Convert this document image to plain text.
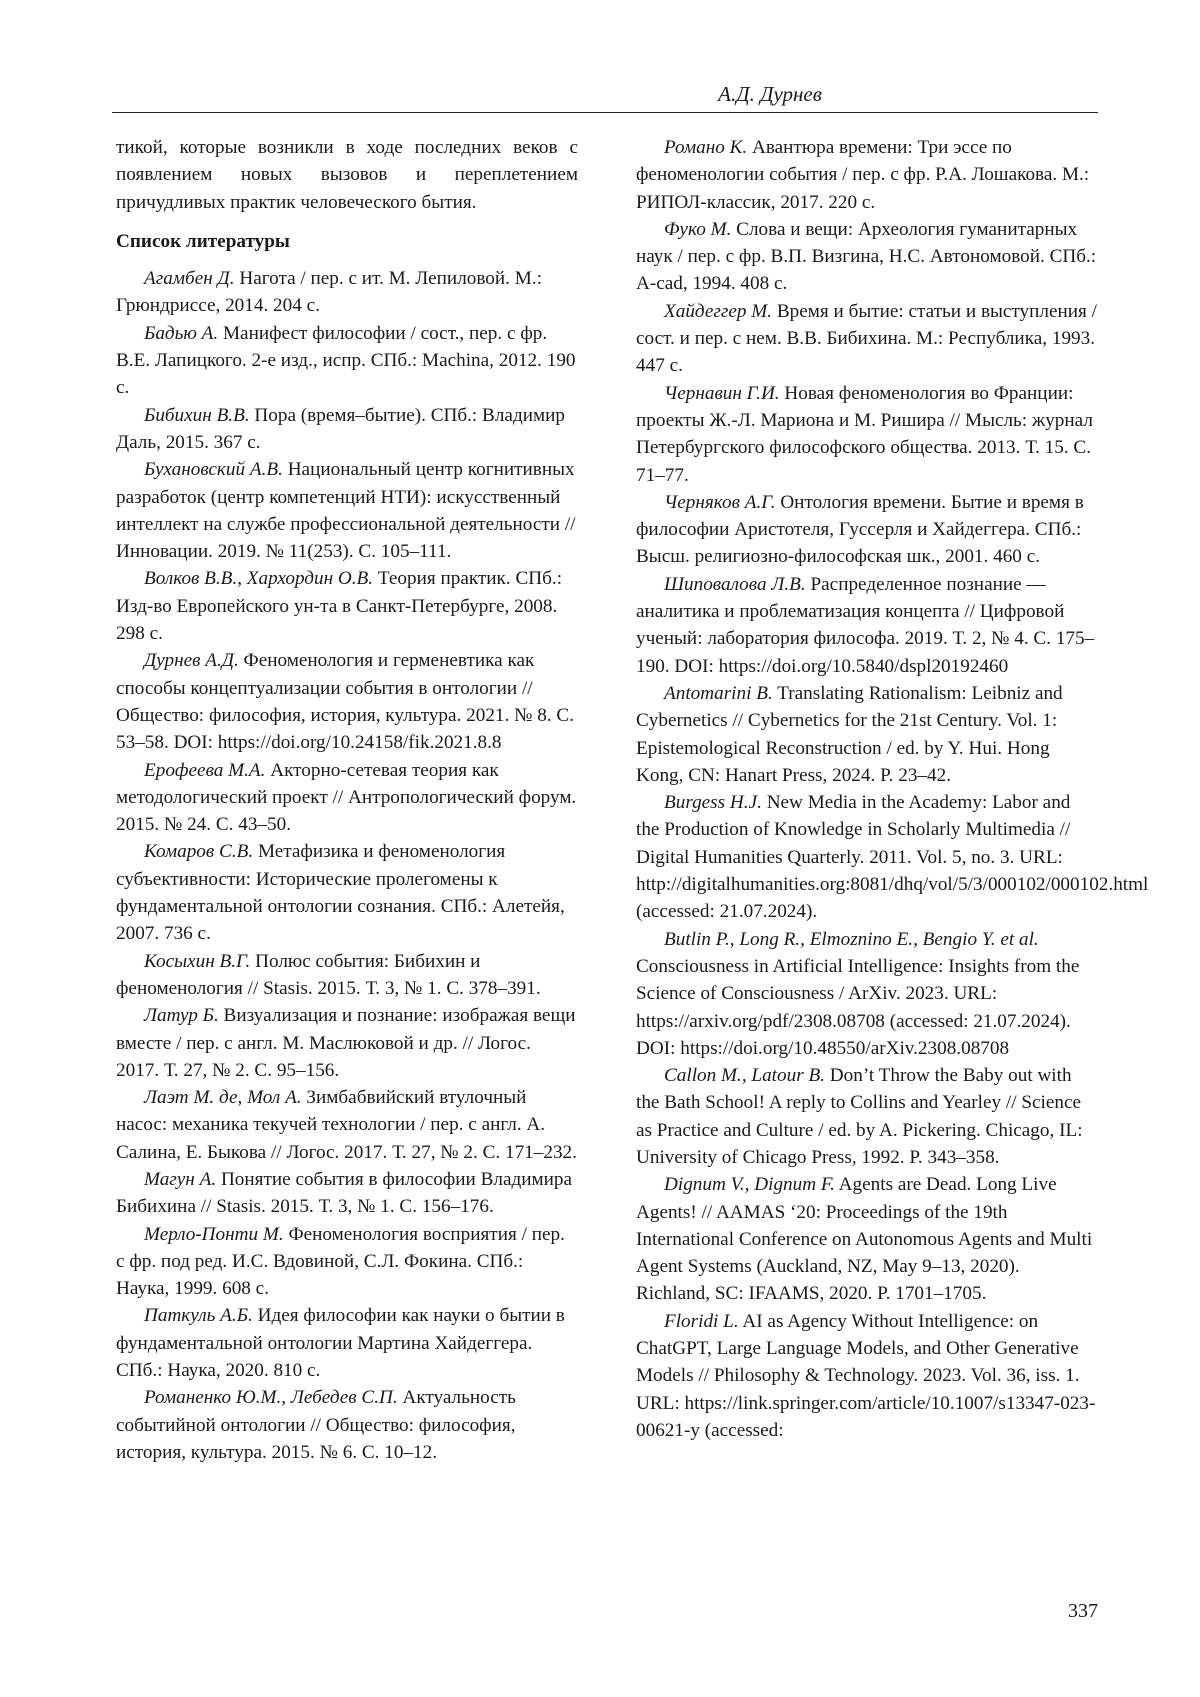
А.Д. Дурнев

тикой, которые возникли в ходе последних веков с появлением новых вызовов и переплетением причудливых практик человеческого бытия.

Список литературы

Агамбен Д. Нагота / пер. с ит. М. Лепиловой. М.: Грюндриссе, 2014. 204 с.

Бадью А. Манифест философии / сост., пер. с фр. В.Е. Лапицкого. 2-е изд., испр. СПб.: Machina, 2012. 190 с.

Бибихин В.В. Пора (время–бытие). СПб.: Владимир Даль, 2015. 367 с.

Бухановский А.В. Национальный центр когнитивных разработок (центр компетенций НТИ): искусственный интеллект на службе профессиональной деятельности // Инновации. 2019. № 11(253). С. 105–111.

Волков В.В., Хархордин О.В. Теория практик. СПб.: Изд-во Европейского ун-та в Санкт-Петербурге, 2008. 298 с.

Дурнев А.Д. Феноменология и герменевтика как способы концептуализации события в онтологии // Общество: философия, история, культура. 2021. № 8. С. 53–58. DOI: https://doi.org/10.24158/fik.2021.8.8

Ерофеева М.А. Акторно-сетевая теория как методологический проект // Антропологический форум. 2015. № 24. С. 43–50.

Комаров С.В. Метафизика и феноменология субъективности: Исторические пролегомены к фундаментальной онтологии сознания. СПб.: Алетейя, 2007. 736 с.

Косыхин В.Г. Полюс события: Бибихин и феноменология // Stasis. 2015. Т. 3, № 1. С. 378–391.

Латур Б. Визуализация и познание: изображая вещи вместе / пер. с англ. М. Маслюковой и др. // Логос. 2017. Т. 27, № 2. С. 95–156.

Лаэт М. де, Мол А. Зимбабвийский втулочный насос: механика текучей технологии / пер. с англ. А. Салина, Е. Быкова // Логос. 2017. Т. 27, № 2. С. 171–232.

Магун А. Понятие события в философии Владимира Бибихина // Stasis. 2015. Т. 3, № 1. С. 156–176.

Мерло-Понти М. Феноменология восприятия / пер. с фр. под ред. И.С. Вдовиной, С.Л. Фокина. СПб.: Наука, 1999. 608 с.

Паткуль А.Б. Идея философии как науки о бытии в фундаментальной онтологии Мартина Хайдеггера. СПб.: Наука, 2020. 810 с.

Романенко Ю.М., Лебедев С.П. Актуальность событийной онтологии // Общество: философия, история, культура. 2015. № 6. С. 10–12.

Романо К. Авантюра времени: Три эссе по феноменологии события / пер. с фр. Р.А. Лошакова. М.: РИПОЛ-классик, 2017. 220 с.

Фуко М. Слова и вещи: Археология гуманитарных наук / пер. с фр. В.П. Визгина, Н.С. Автономовой. СПб.: A-cad, 1994. 408 с.

Хайдеггер М. Время и бытие: статьи и выступления / сост. и пер. с нем. В.В. Бибихина. М.: Республика, 1993. 447 с.

Чернавин Г.И. Новая феноменология во Франции: проекты Ж.-Л. Мариона и М. Ришира // Мысль: журнал Петербургского философского общества. 2013. Т. 15. С. 71–77.

Черняков А.Г. Онтология времени. Бытие и время в философии Аристотеля, Гуссерля и Хайдеггера. СПб.: Высш. религиозно-философская шк., 2001. 460 с.

Шиповалова Л.В. Распределенное познание — аналитика и проблематизация концепта // Цифровой ученый: лаборатория философа. 2019. Т. 2, № 4. С. 175–190. DOI: https://doi.org/10.5840/dspl20192460

Antomarini B. Translating Rationalism: Leibniz and Cybernetics // Cybernetics for the 21st Century. Vol. 1: Epistemological Reconstruction / ed. by Y. Hui. Hong Kong, CN: Hanart Press, 2024. P. 23–42.

Burgess H.J. New Media in the Academy: Labor and the Production of Knowledge in Scholarly Multimedia // Digital Humanities Quarterly. 2011. Vol. 5, no. 3. URL: http://digitalhumanities.org:8081/dhq/vol/5/3/000102/000102.html (accessed: 21.07.2024).

Butlin P., Long R., Elmoznino E., Bengio Y. et al. Consciousness in Artificial Intelligence: Insights from the Science of Consciousness / ArXiv. 2023. URL: https://arxiv.org/pdf/2308.08708 (accessed: 21.07.2024). DOI: https://doi.org/10.48550/arXiv.2308.08708

Callon M., Latour B. Don’t Throw the Baby out with the Bath School! A reply to Collins and Yearley // Science as Practice and Culture / ed. by A. Pickering. Chicago, IL: University of Chicago Press, 1992. P. 343–358.

Dignum V., Dignum F. Agents are Dead. Long Live Agents! // AAMAS ‘20: Proceedings of the 19th International Conference on Autonomous Agents and Multi Agent Systems (Auckland, NZ, May 9–13, 2020). Richland, SC: IFAAMS, 2020. P. 1701–1705.

Floridi L. AI as Agency Without Intelligence: on ChatGPT, Large Language Models, and Other Generative Models // Philosophy & Technology. 2023. Vol. 36, iss. 1. URL: https://link.springer.com/article/10.1007/s13347-023-00621-y (accessed:

337
